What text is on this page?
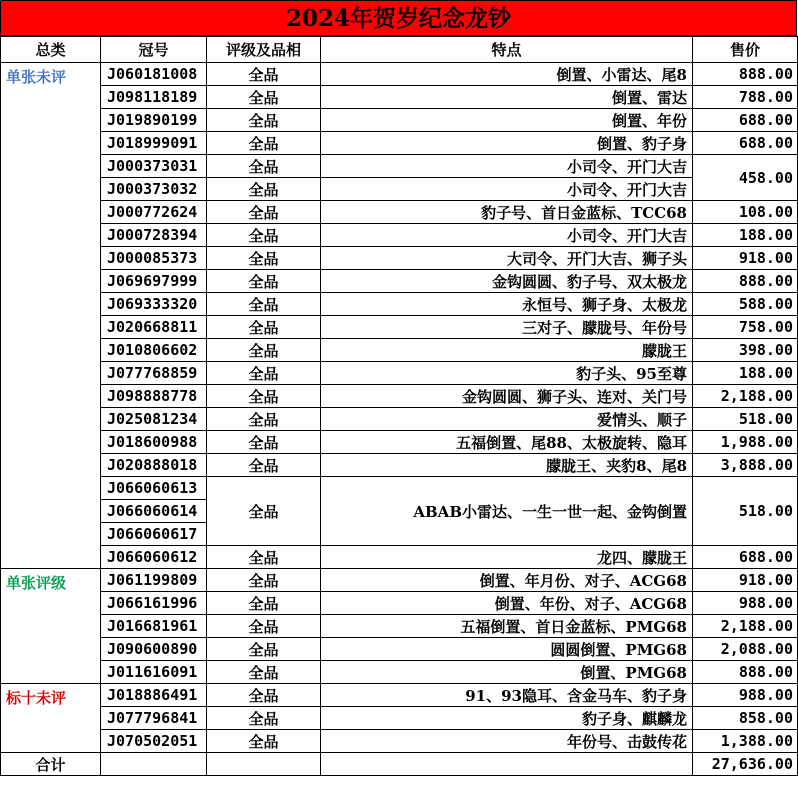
2024年贺岁纪念龙钞
总类	冠号	评级及品相	特点	售价
单张未评	J060181008	全品	倒置、小雷达、尾8	888.00
	J098118189	全品	倒置、雷达	788.00
	J019890199	全品	倒置、年份	688.00
	J018999091	全品	倒置、豹子身	688.00
	J000373031	全品	小司令、开门大吉	458.00
	J000373032	全品	小司令、开门大吉	
	J000772624	全品	豹子号、首日金蓝标、TCC68	108.00
	J000728394	全品	小司令、开门大吉	188.00
	J000085373	全品	大司令、开门大吉、狮子头	918.00
	J069697999	全品	金钩圆圆、豹子号、双太极龙	888.00
	J069333320	全品	永恒号、狮子身、太极龙	588.00
	J020668811	全品	三对子、朦胧号、年份号	758.00
	J010806602	全品	朦胧王	398.00
	J077768859	全品	豹子头、95至尊	188.00
	J098888778	全品	金钩圆圆、狮子头、连对、关门号	2,188.00
	J025081234	全品	爱情头、顺子	518.00
	J018600988	全品	五福倒置、尾88、太极旋转、隐耳	1,988.00
	J020888018	全品	朦胧王、夹豹8、尾8	3,888.00
	J066060613	全品	ABAB小雷达、一生一世一起、金钩倒置	518.00
	J066060614			
	J066060617			
	J066060612	全品	龙四、朦胧王	688.00
单张评级	J061199809	全品	倒置、年月份、对子、ACG68	918.00
	J066161996	全品	倒置、年份、对子、ACG68	988.00
	J016681961	全品	五福倒置、首日金蓝标、PMG68	2,188.00
	J090600890	全品	圆圆倒置、PMG68	2,088.00
	J011616091	全品	倒置、PMG68	888.00
标十未评	J018886491	全品	91、93隐耳、含金马车、豹子身	988.00
	J077796841	全品	豹子身、麒麟龙	858.00
	J070502051	全品	年份号、击鼓传花	1,388.00
合计				27,636.00
